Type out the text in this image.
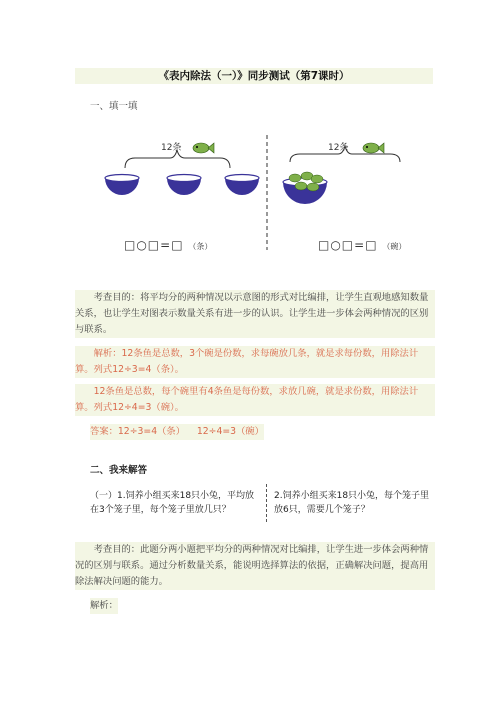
《表内除法（一）》同步测试（第7课时）
一、填一填
12条	12条
□○□=□ （条）	□○□=□ （碗）
考查目的：将平均分的两种情况以示意图的形式对比编排，让学生直观地感知数量关系，也让学生对图表示数量关系有进一步的认识。让学生进一步体会两种情况的区别与联系。
解析：12条鱼是总数，3个碗是份数，求每碗放几条，就是求每份数，用除法计算。列式12÷3=4（条）。
12条鱼是总数，每个碗里有4条鱼是每份数，求放几碗，就是求份数，用除法计算。列式12÷4=3（碗）。
答案：12÷3=4（条）    12÷4=3（碗）
二、我来解答
（一）1.饲养小组买来18只小兔，平均放在3个笼子里，每个笼子里放几只？
2.饲养小组买来18只小兔，每个笼子里放6只，需要几个笼子？
考查目的：此题分两小题把平均分的两种情况对比编排，让学生进一步体会两种情况的区别与联系。通过分析数量关系，能说明选择算法的依据，正确解决问题，提高用除法解决问题的能力。
解析：
